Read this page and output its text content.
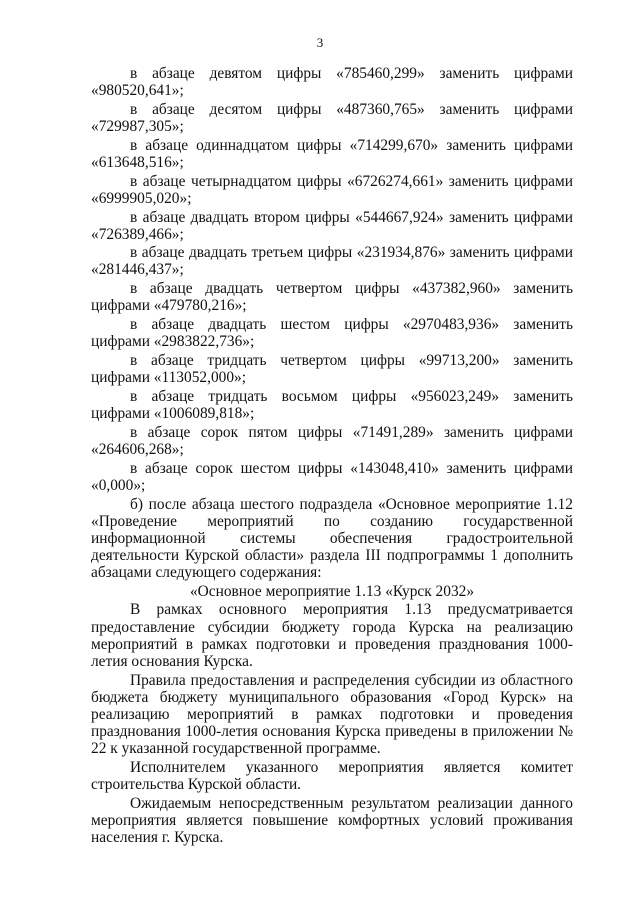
3

в абзаце девятом цифры «785460,299» заменить цифрами «980520,641»;

в абзаце десятом цифры «487360,765» заменить цифрами «729987,305»;

в абзаце одиннадцатом цифры «714299,670» заменить цифрами «613648,516»;

в абзаце четырнадцатом цифры «6726274,661» заменить цифрами «6999905,020»;

в абзаце двадцать втором цифры «544667,924» заменить цифрами «726389,466»;

в абзаце двадцать третьем цифры «231934,876» заменить цифрами «281446,437»;

в абзаце двадцать четвертом цифры «437382,960» заменить цифрами «479780,216»;

в абзаце двадцать шестом цифры «2970483,936» заменить цифрами «2983822,736»;

в абзаце тридцать четвертом цифры «99713,200» заменить цифрами «113052,000»;

в абзаце тридцать восьмом цифры «956023,249» заменить цифрами «1006089,818»;

в абзаце сорок пятом цифры «71491,289» заменить цифрами «264606,268»;

в абзаце сорок шестом цифры «143048,410» заменить цифрами «0,000»;

б) после абзаца шестого подраздела «Основное мероприятие 1.12 «Проведение мероприятий по созданию государственной информационной системы обеспечения градостроительной деятельности Курской области» раздела III подпрограммы 1 дополнить абзацами следующего содержания:

«Основное мероприятие 1.13 «Курск 2032»

В рамках основного мероприятия 1.13 предусматривается предоставление субсидии бюджету города Курска на реализацию мероприятий в рамках подготовки и проведения празднования 1000-летия основания Курска.

Правила предоставления и распределения субсидии из областного бюджета бюджету муниципального образования «Город Курск» на реализацию мероприятий в рамках подготовки и проведения празднования 1000-летия основания Курска приведены в приложении № 22 к указанной государственной программе.

Исполнителем указанного мероприятия является комитет строительства Курской области.

Ожидаемым непосредственным результатом реализации данного мероприятия является повышение комфортных условий проживания населения г. Курска.
